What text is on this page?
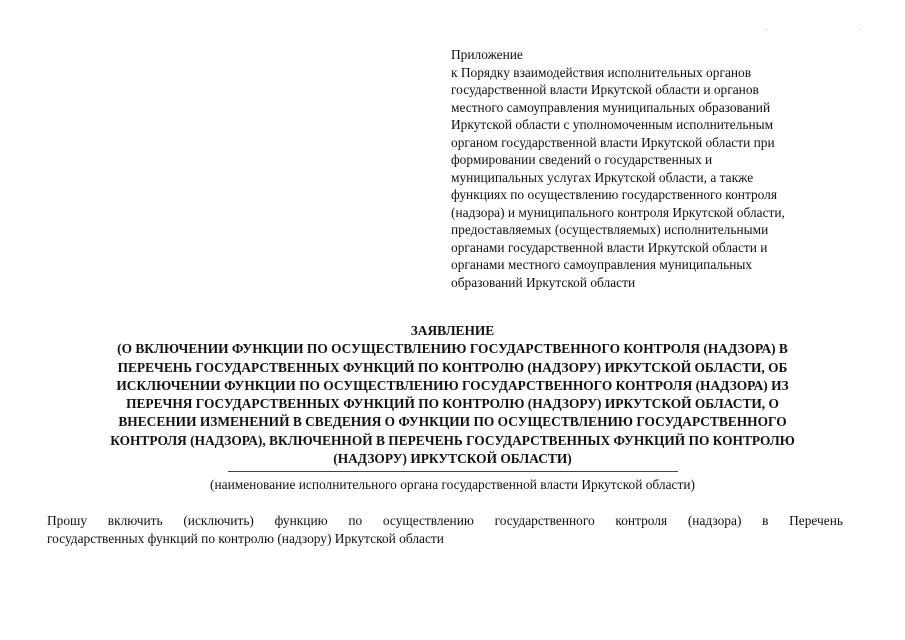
Приложение
к Порядку взаимодействия исполнительных органов
государственной власти Иркутской области и органов
местного самоуправления муниципальных образований
Иркутской области с уполномоченным исполнительным
органом государственной власти Иркутской области при
формировании сведений о государственных и
муниципальных услугах Иркутской области, а также
функциях по осуществлению государственного контроля
(надзора) и муниципального контроля Иркутской области,
предоставляемых (осуществляемых) исполнительными
органами государственной власти Иркутской области и
органами местного самоуправления муниципальных
образований Иркутской области
ЗАЯВЛЕНИЕ
(О ВКЛЮЧЕНИИ ФУНКЦИИ ПО ОСУЩЕСТВЛЕНИЮ ГОСУДАРСТВЕННОГО КОНТРОЛЯ (НАДЗОРА) В
ПЕРЕЧЕНЬ ГОСУДАРСТВЕННЫХ ФУНКЦИЙ ПО КОНТРОЛЮ (НАДЗОРУ) ИРКУТСКОЙ ОБЛАСТИ, ОБ
ИСКЛЮЧЕНИИ ФУНКЦИИ ПО ОСУЩЕСТВЛЕНИЮ ГОСУДАРСТВЕННОГО КОНТРОЛЯ (НАДЗОРА) ИЗ
ПЕРЕЧНЯ ГОСУДАРСТВЕННЫХ ФУНКЦИЙ ПО КОНТРОЛЮ (НАДЗОРУ) ИРКУТСКОЙ ОБЛАСТИ, О
ВНЕСЕНИИ ИЗМЕНЕНИЙ В СВЕДЕНИЯ О ФУНКЦИИ ПО ОСУЩЕСТВЛЕНИЮ ГОСУДАРСТВЕННОГО
КОНТРОЛЯ (НАДЗОРА), ВКЛЮЧЕННОЙ В ПЕРЕЧЕНЬ ГОСУДАРСТВЕННЫХ ФУНКЦИЙ ПО КОНТРОЛЮ
(НАДЗОРУ) ИРКУТСКОЙ ОБЛАСТИ)
(наименование исполнительного органа государственной власти Иркутской области)
Прошу включить (исключить) функцию по осуществлению государственного контроля (надзора) в Перечень
государственных функций по контролю (надзору) Иркутской области
